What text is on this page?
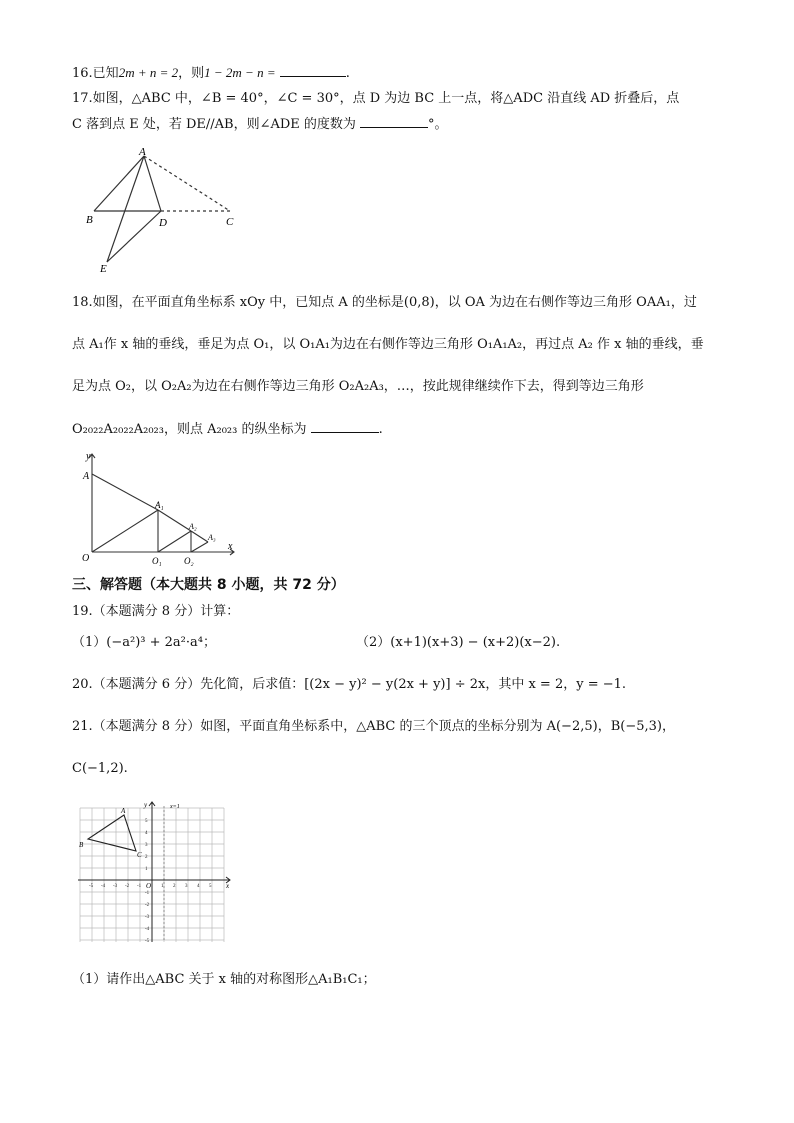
16.已知2m + n = 2，则1 − 2m − n =	.
17.如图，△ABC 中，∠B = 40°，∠C = 30°，点 D 为边 BC 上一点，将△ADC 沿直线 AD 折叠后，点
C 落到点 E 处，若 DE//AB，则∠ADE 的度数为	°。
A
B	D	C
E
18.如图，在平面直角坐标系 xOy 中，已知点 A 的坐标是(0,8)，以 OA 为边在右侧作等边三角形 OAA₁，过
点 A₁作 x 轴的垂线，垂足为点 O₁，以 O₁A₁为边在右侧作等边三角形 O₁A₁A₂，再过点 A₂ 作 x 轴的垂线，垂
足为点 O₂，以 O₂A₂为边在右侧作等边三角形 O₂A₂A₃，…，按此规律继续作下去，得到等边三角形
O₂₀₂₂A₂₀₂₂A₂₀₂₃，则点 A₂₀₂₃ 的纵坐标为	.
y
x
A
A₁
A₂
A₃
O	O₁ O₂
三、解答题（本大题共 8 小题，共 72 分）
19.（本题满分 8 分）计算：
（1）(−a²)³ + 2a²·a⁴；	（2）(x+1)(x+3) − (x+2)(x−2).
20.（本题满分 6 分）先化简，后求值：[(2x − y)² − y(2x + y)] ÷ 2x，其中 x = 2，y = −1.
21.（本题满分 8 分）如图，平面直角坐标系中，△ABC 的三个顶点的坐标分别为 A(−2,5)，B(−5,3)，
C(−1,2).
A
B
C
O	x
y	x=1
-5 -4 -3 -2 -1	1 2 3 4 5
5
4
3
2
1
-1
-2
-3
-4
-5
（1）请作出△ABC 关于 x 轴的对称图形△A₁B₁C₁；
